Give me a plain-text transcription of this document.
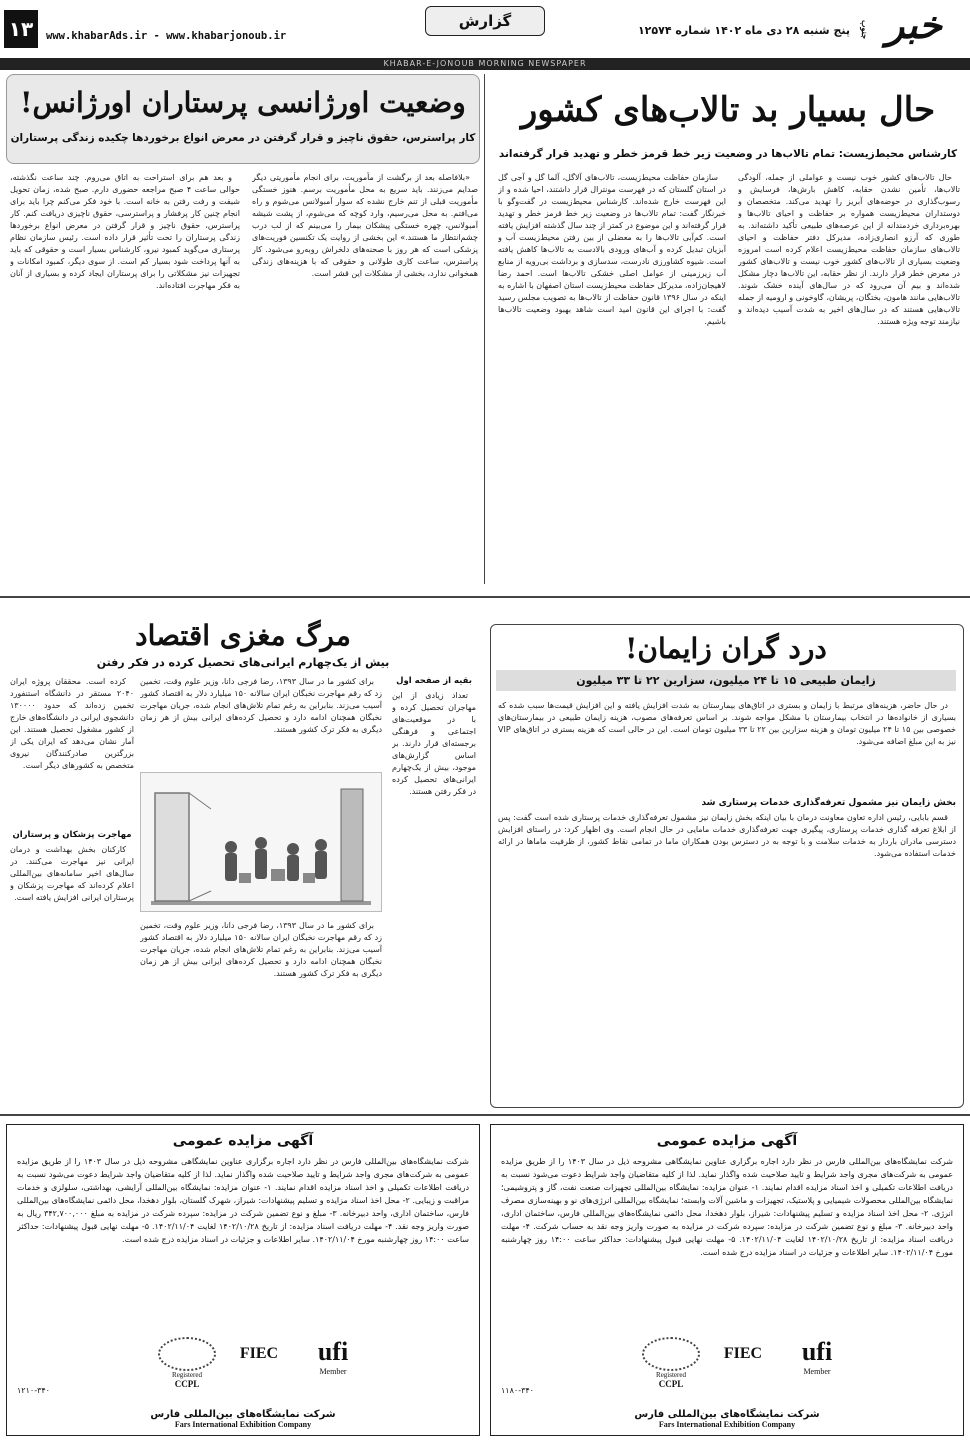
خبر
جنوب
پنج شنبه ۲۸ دی ماه ۱۴۰۲ شماره ۱۲۵۷۴
گزارش
www.khabarAds.ir - www.khabarjonoub.ir
۱۳
KHABAR-E-JONOUB MORNING NEWSPAPER
حال بسیار بد تالاب‌های کشور
کارشناس محیط‌زیست: تمام تالاب‌ها در وضعیت زیر خط قرمز خطر و تهدید قرار گرفته‌اند

حال تالاب‌های کشور خوب نیست و عواملی از جمله، آلودگی تالاب‌ها، تأمین نشدن حقابه، کاهش بارش‌ها، فرسایش و رسوب‌گذاری در حوضه‌های آبریز را تهدید می‌کند. متخصصان و دوستداران محیط‌زیست همواره بر حفاظت و احیای تالاب‌ها و بهره‌برداری خردمندانه از این عرصه‌های طبیعی تأکید داشته‌اند. به طوری که آرزو انصاری‌زاده، مدیرکل دفتر حفاظت و احیای تالاب‌های سازمان حفاظت محیط‌زیست اعلام کرده است امروزه وضعیت بسیاری از تالاب‌های کشور خوب نیست و تالاب‌های کشور در معرض خطر قرار دارند. از نظر حقابه، این تالاب‌ها دچار مشکل شده‌اند و بیم آن می‌رود که در سال‌های آینده خشک شوند. تالاب‌هایی مانند هامون، بختگان، پریشان، گاوخونی و ارومیه از جمله تالاب‌هایی هستند که در سال‌های اخیر به شدت آسیب دیده‌اند و نیازمند توجه ویژه هستند.

سازمان حفاظت محیط‌زیست، تالاب‌های آلاگل، آلما گل و آجی گل در استان گلستان که در فهرست مونترال قرار داشتند، احیا شده و از این فهرست خارج شده‌اند. کارشناس محیط‌زیست در گفت‌وگو با خبرنگار گفت: تمام تالاب‌ها در وضعیت زیر خط قرمز خطر و تهدید قرار گرفته‌اند و این موضوع در کمتر از چند سال گذشته افزایش یافته است. کم‌آبی تالاب‌ها را به معضلی از بین رفتن محیط‌زیست آب و آبزیان تبدیل کرده و آب‌های ورودی بالادست به تالاب‌ها کاهش یافته است. شیوه کشاورزی نادرست، سدسازی و برداشت بی‌رویه از منابع آب زیرزمینی از عوامل اصلی خشکی تالاب‌ها است. احمد رضا لاهیجان‌زاده، مدیرکل حفاظت محیط‌زیست استان اصفهان با اشاره به اینکه در سال ۱۳۹۶ قانون حفاظت از تالاب‌ها به تصویب مجلس رسید گفت: با اجرای این قانون امید است شاهد بهبود وضعیت تالاب‌ها باشیم.

وضعیت اورژانسی پرستاران اورژانس!
کار پراسترس، حقوق ناچیز و قرار گرفتن در معرض انواع برخوردها چکیده زندگی پرستاران

«بلافاصله بعد از برگشت از مأموریت، برای انجام مأموریتی دیگر صدایم می‌زنند. باید سریع به محل مأموریت برسم. هنوز خستگی مأموریت قبلی از تنم خارج نشده که سوار آمبولانس می‌شوم و راه می‌افتم. به محل می‌رسیم، وارد کوچه که می‌شوم، از پشت شیشه آمبولانس، چهره خستگی پیشکان بیمار را می‌بینم که از لب درب چشم‌انتظار ما هستند.» این بخشی از روایت یک تکنسین فوریت‌های پزشکی است که هر روز با صحنه‌های دلخراش روبه‌رو می‌شود. کار پراسترس، ساعت کاری طولانی و حقوقی که با هزینه‌های زندگی همخوانی ندارد، بخشی از مشکلات این قشر است.

و بعد هم برای استراحت به اتاق می‌روم. چند ساعت نگذشته، حوالی ساعت ۴ صبح مراجعه حضوری دارم. صبح شده، زمان تحویل شیفت و رفت رفتن به خانه است. با خود فکر می‌کنم چرا باید برای انجام چنین کار پرفشار و پراسترسی، حقوق ناچیزی دریافت کنم. کار پراسترس، حقوق ناچیز و قرار گرفتن در معرض انواع برخوردها زندگی پرستاران را تحت تأثیر قرار داده است. رئیس سازمان نظام پرستاری می‌گوید کمبود نیرو، کارشناس بسیار است و حقوقی که باید به آنها پرداخت شود بسیار کم است. از سوی دیگر، کمبود امکانات و تجهیزات نیز مشکلاتی را برای پرستاران ایجاد کرده و بسیاری از آنان به فکر مهاجرت افتاده‌اند.

درد گران زایمان!
زایمان طبیعی ۱۵ تا ۲۴ میلیون، سزارین ۲۲ تا ۳۳ میلیون

در حال حاضر، هزینه‌های مرتبط با زایمان و بستری در اتاق‌های بیمارستان به شدت افزایش یافته و این افزایش قیمت‌ها سبب شده که بسیاری از خانواده‌ها در انتخاب بیمارستان با مشکل مواجه شوند. بر اساس تعرفه‌های مصوب، هزینه زایمان طبیعی در بیمارستان‌های خصوصی بین ۱۵ تا ۲۴ میلیون تومان و هزینه سزارین بین ۲۲ تا ۳۳ میلیون تومان است. این در حالی است که هزینه بستری در اتاق‌های VIP نیز به این مبلغ اضافه می‌شود.

بخش زایمان نیز مشمول تعرفه‌گذاری خدمات پرستاری شد

قسم بابایی، رئیس اداره تعاون معاونت درمان با بیان اینکه بخش زایمان نیز مشمول تعرفه‌گذاری خدمات پرستاری شده است گفت: پس از ابلاغ تعرفه گذاری خدمات پرستاری، پیگیری جهت تعرفه‌گذاری خدمات مامایی در حال انجام است. وی اظهار کرد: در راستای افزایش دسترسی مادران باردار به خدمات سلامت و با توجه به در دسترس بودن همکاران ماما در تمامی نقاط کشور، از ظرفیت ماماها در ارائه خدمات استفاده می‌شود.

مرگ مغزی اقتصاد
بیش از یک‌چهارم ایرانی‌های تحصیل کرده در فکر رفتن
بقیه از صفحه اول

تعداد زیادی از این مهاجران تحصیل کرده و با در موقعیت‌های اجتماعی و فرهنگی برجسته‌ای قرار دارند. بر اساس گزارش‌های موجود، بیش از یک‌چهارم ایرانی‌های تحصیل کرده در فکر رفتن هستند.

برای کشور ما در سال ۱۳۹۳، رضا فرجی دانا، وزیر علوم وقت، تخمین زد که رقم مهاجرت نخبگان ایران سالانه ۱۵۰ میلیارد دلار به اقتصاد کشور آسیب می‌زند. بنابراین به رغم تمام تلاش‌های انجام شده، جریان مهاجرت نخبگان همچنان ادامه دارد و تحصیل کرده‌های ایرانی بیش از هر زمان دیگری به فکر ترک کشور هستند.

برای کشور ما در سال ۱۳۹۳، رضا فرجی دانا، وزیر علوم وقت، تخمین زد که رقم مهاجرت نخبگان ایران سالانه ۱۵۰ میلیارد دلار به اقتصاد کشور آسیب می‌زند. بنابراین به رغم تمام تلاش‌های انجام شده، جریان مهاجرت نخبگان همچنان ادامه دارد و تحصیل کرده‌های ایرانی بیش از هر زمان دیگری به فکر ترک کشور هستند.

کرده است. محققان پروژه ایران ۲۰۴۰ مستقر در دانشگاه استنفورد تخمین زده‌اند که حدود ۱۳۰۰۰۰ دانشجوی ایرانی در دانشگاه‌های خارج از کشور مشغول تحصیل هستند. این آمار نشان می‌دهد که ایران یکی از بزرگترین صادرکنندگان نیروی متخصص به کشورهای دیگر است.

مهاجرت پزشکان و پرستاران

کارکنان بخش بهداشت و درمان ایرانی نیز مهاجرت می‌کنند. در سال‌های اخیر سامانه‌های بین‌المللی اعلام کرده‌اند که مهاجرت پزشکان و پرستاران ایرانی افزایش یافته است.

آگهی مزایده عمومی
شرکت نمایشگاه‌های بین‌المللی فارس در نظر دارد اجاره برگزاری عناوین نمایشگاهی مشروحه ذیل در سال ۱۴۰۳ را از طریق مزایده عمومی به شرکت‌های مجری واجد شرایط و تایید صلاحیت شده واگذار نماید. لذا از کلیه متقاضیان واجد شرایط دعوت می‌شود نسبت به دریافت اطلاعات تکمیلی و اخذ اسناد مزایده اقدام نمایند. ۱- عنوان مزایده: نمایشگاه بین‌المللی تجهیزات صنعت نفت، گاز و پتروشیمی؛ نمایشگاه بین‌المللی محصولات شیمیایی و پلاستیک، تجهیزات و ماشین آلات وابسته؛ نمایشگاه بین‌المللی انرژی‌های نو و بهینه‌سازی مصرف انرژی. ۲- محل اخذ اسناد مزایده و تسلیم پیشنهادات: شیراز، بلوار دهخدا، محل دائمی نمایشگاه‌های بین‌المللی فارس، ساختمان اداری، واحد دبیرخانه. ۳- مبلغ و نوع تضمین شرکت در مزایده: سپرده شرکت در مزایده به صورت واریز وجه نقد به حساب شرکت. ۴- مهلت دریافت اسناد مزایده: از تاریخ ۱۴۰۲/۱۰/۲۸ لغایت ۱۴۰۲/۱۱/۰۴. ۵- مهلت نهایی قبول پیشنهادات: حداکثر ساعت ۱۴:۰۰ روز چهارشنبه مورخ ۱۴۰۲/۱۱/۰۴. سایر اطلاعات و جزئیات در اسناد مزایده درج شده است.
۱۱۸۰-۳۴۰
Registered
CCPL
FIEC	ufi
Member
شرکت نمایشگاه‌های بین‌المللی فارس
Fars International Exhibition Company
آگهی مزایده عمومی
شرکت نمایشگاه‌های بین‌المللی فارس در نظر دارد اجاره برگزاری عناوین نمایشگاهی مشروحه ذیل در سال ۱۴۰۳ را از طریق مزایده عمومی به شرکت‌های مجری واجد شرایط و تایید صلاحیت شده واگذار نماید. لذا از کلیه متقاضیان واجد شرایط دعوت می‌شود نسبت به دریافت اطلاعات تکمیلی و اخذ اسناد مزایده اقدام نمایند. ۱- عنوان مزایده: نمایشگاه بین‌المللی آرایشی، بهداشتی، سلولزی و خدمات مراقبت و زیبایی. ۲- محل اخذ اسناد مزایده و تسلیم پیشنهادات: شیراز، شهرک گلستان، بلوار دهخدا، محل دائمی نمایشگاه‌های بین‌المللی فارس، ساختمان اداری، واحد دبیرخانه. ۳- مبلغ و نوع تضمین شرکت در مزایده: سپرده شرکت در مزایده به مبلغ ۳۴۲,۷۰۰,۰۰۰ ریال به صورت واریز وجه نقد. ۴- مهلت دریافت اسناد مزایده: از تاریخ ۱۴۰۲/۱۰/۲۸ لغایت ۱۴۰۲/۱۱/۰۴. ۵- مهلت نهایی قبول پیشنهادات: حداکثر ساعت ۱۴:۰۰ روز چهارشنبه مورخ ۱۴۰۲/۱۱/۰۴. سایر اطلاعات و جزئیات در اسناد مزایده درج شده است.
۱۲۱۰-۳۴۰
Registered
CCPL
FIEC	ufi
Member
شرکت نمایشگاه‌های بین‌المللی فارس
Fars International Exhibition Company
